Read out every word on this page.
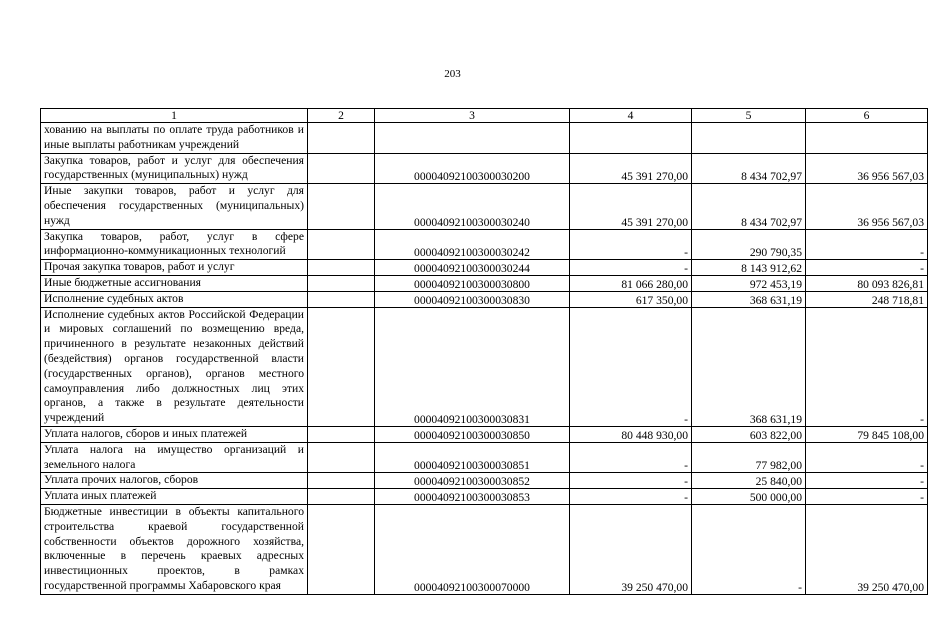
203
1	2	3	4	5	6
хованию на выплаты по оплате труда работников и иные выплаты работникам учреждений					
Закупка товаров, работ и услуг для обеспечения государственных (муниципальных) нужд		00004092100300030200	45 391 270,00	8 434 702,97	36 956 567,03
Иные закупки товаров, работ и услуг для обеспечения государственных (муниципальных) нужд		00004092100300030240	45 391 270,00	8 434 702,97	36 956 567,03
Закупка товаров, работ, услуг в сфере информационно-коммуникационных технологий		00004092100300030242	-	290 790,35	-
Прочая закупка товаров, работ и услуг		00004092100300030244	-	8 143 912,62	-
Иные бюджетные ассигнования		00004092100300030800	81 066 280,00	972 453,19	80 093 826,81
Исполнение судебных актов		00004092100300030830	617 350,00	368 631,19	248 718,81
Исполнение судебных актов Российской Федерации и мировых соглашений по возмещению вреда, причиненного в результате незаконных действий (бездействия) органов государственной власти (государственных органов), органов местного самоуправления либо должностных лиц этих органов, а также в результате деятельности учреждений		00004092100300030831	-	368 631,19	-
Уплата налогов, сборов и иных платежей		00004092100300030850	80 448 930,00	603 822,00	79 845 108,00
Уплата налога на имущество организаций и земельного налога		00004092100300030851	-	77 982,00	-
Уплата прочих налогов, сборов		00004092100300030852	-	25 840,00	-
Уплата иных платежей		00004092100300030853	-	500 000,00	-
Бюджетные инвестиции в объекты капитального строительства краевой государственной собственности объектов дорожного хозяйства, включенные в перечень краевых адресных инвестиционных проектов, в рамках государственной программы Хабаровского края		00004092100300070000	39 250 470,00	-	39 250 470,00
